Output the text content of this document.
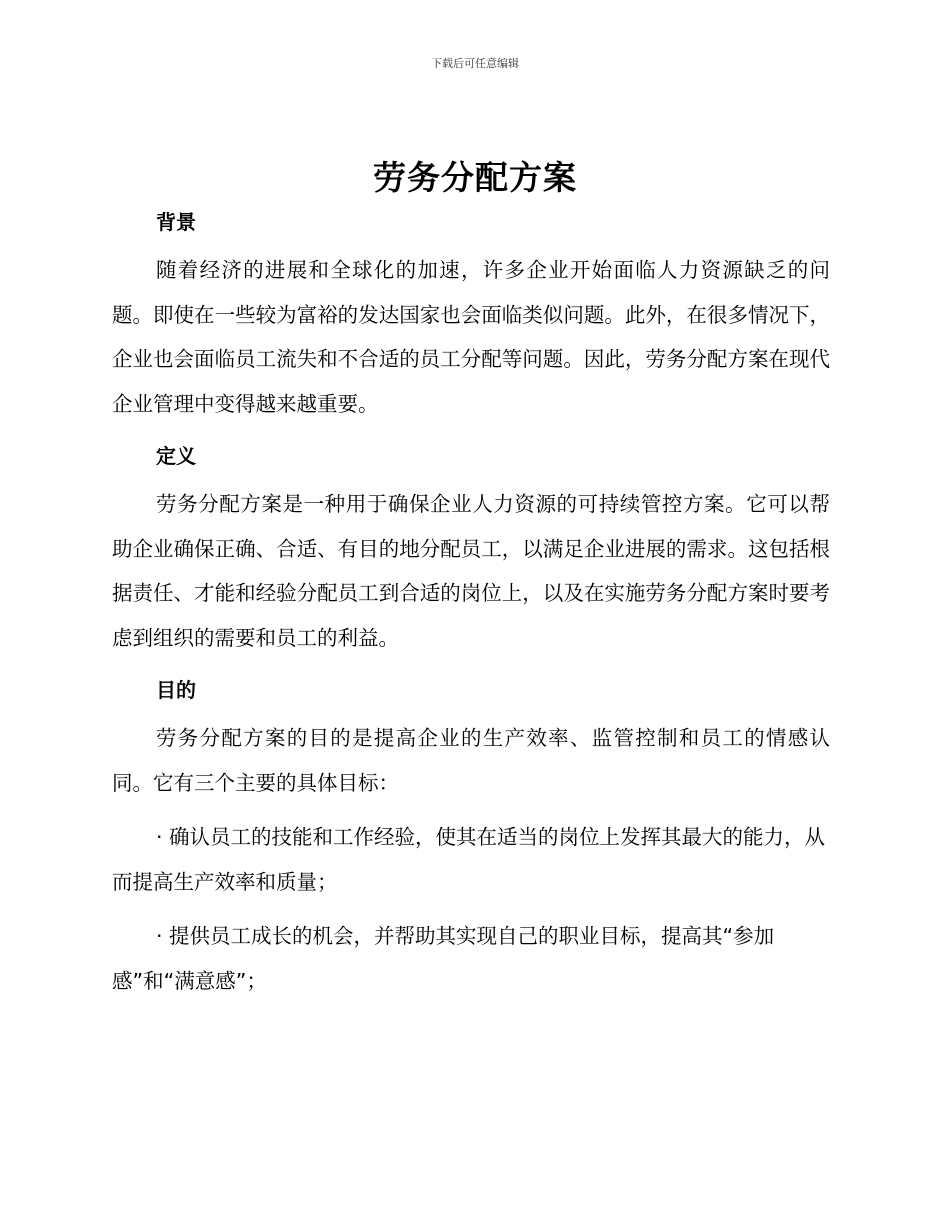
下载后可任意编辑
劳务分配方案
背景

随着经济的进展和全球化的加速，许多企业开始面临人力资源缺乏的问题。即使在一些较为富裕的发达国家也会面临类似问题。此外，在很多情况下，企业也会面临员工流失和不合适的员工分配等问题。因此，劳务分配方案在现代企业管理中变得越来越重要。

定义

劳务分配方案是一种用于确保企业人力资源的可持续管控方案。它可以帮助企业确保正确、合适、有目的地分配员工，以满足企业进展的需求。这包括根据责任、才能和经验分配员工到合适的岗位上，以及在实施劳务分配方案时要考虑到组织的需要和员工的利益。

目的

劳务分配方案的目的是提高企业的生产效率、监管控制和员工的情感认同。它有三个主要的具体目标：

· 确认员工的技能和工作经验，使其在适当的岗位上发挥其最大的能力，从而提高生产效率和质量；

· 提供员工成长的机会，并帮助其实现自己的职业目标，提高其“参加感”和“满意感”；
